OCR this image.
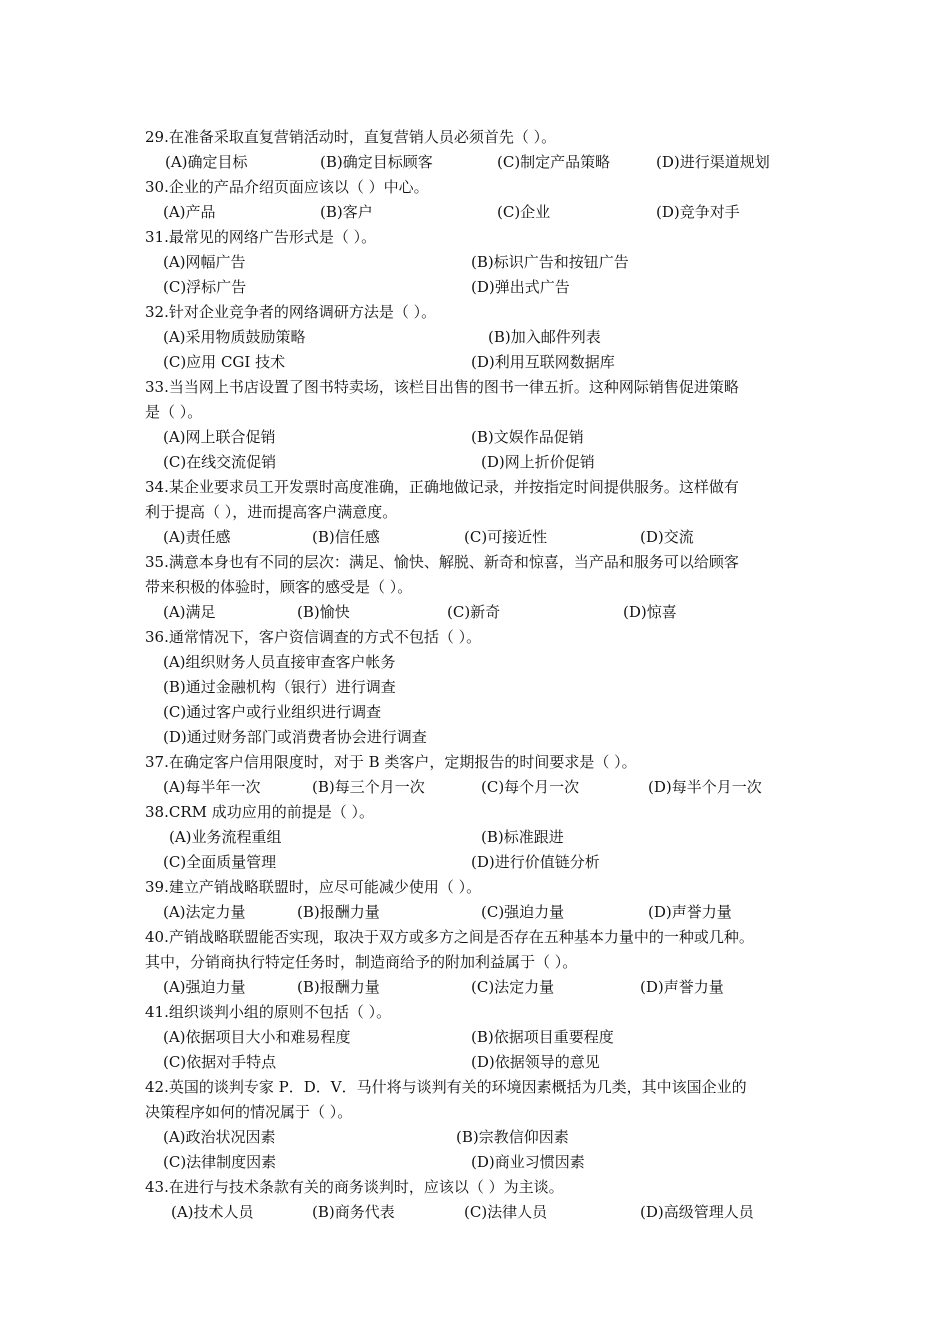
29.在准备采取直复营销活动时，直复营销人员必须首先（ ）。
(A)确定目标	(B)确定目标顾客	(C)制定产品策略	(D)进行渠道规划
30.企业的产品介绍页面应该以（ ）中心。
(A)产品	(B)客户	(C)企业	(D)竞争对手
31.最常见的网络广告形式是（ ）。
(A)网幅广告	(B)标识广告和按钮广告
(C)浮标广告	(D)弹出式广告
32.针对企业竞争者的网络调研方法是（ ）。
(A)采用物质鼓励策略	(B)加入邮件列表
(C)应用 CGI 技术	(D)利用互联网数据库
33.当当网上书店设置了图书特卖场，该栏目出售的图书一律五折。这种网际销售促进策略
是（ ）。
(A)网上联合促销	(B)文娱作品促销
(C)在线交流促销	(D)网上折价促销
34.某企业要求员工开发票时高度准确，正确地做记录，并按指定时间提供服务。这样做有
利于提高（ ），进而提高客户满意度。
(A)责任感	(B)信任感	(C)可接近性	(D)交流
35.满意本身也有不同的层次：满足、愉快、解脱、新奇和惊喜，当产品和服务可以给顾客
带来积极的体验时，顾客的感受是（ ）。
(A)满足	(B)愉快	(C)新奇	(D)惊喜
36.通常情况下，客户资信调查的方式不包括（ ）。
(A)组织财务人员直接审查客户帐务
(B)通过金融机构（银行）进行调查
(C)通过客户或行业组织进行调查
(D)通过财务部门或消费者协会进行调查
37.在确定客户信用限度时，对于 B 类客户，定期报告的时间要求是（ ）。
(A)每半年一次	(B)每三个月一次	(C)每个月一次	(D)每半个月一次
38.CRM 成功应用的前提是（ ）。
(A)业务流程重组	(B)标准跟进
(C)全面质量管理	(D)进行价值链分析
39.建立产销战略联盟时，应尽可能减少使用（ ）。
(A)法定力量	(B)报酬力量	(C)强迫力量	(D)声誉力量
40.产销战略联盟能否实现，取决于双方或多方之间是否存在五种基本力量中的一种或几种。
其中，分销商执行特定任务时，制造商给予的附加利益属于（ ）。
(A)强迫力量	(B)报酬力量	(C)法定力量	(D)声誉力量
41.组织谈判小组的原则不包括（ ）。
(A)依据项目大小和难易程度	(B)依据项目重要程度
(C)依据对手特点	(D)依据领导的意见
42.英国的谈判专家 P．D．V．马什将与谈判有关的环境因素概括为几类，其中该国企业的
决策程序如何的情况属于（ ）。
(A)政治状况因素	(B)宗教信仰因素
(C)法律制度因素	(D)商业习惯因素
43.在进行与技术条款有关的商务谈判时，应该以（ ）为主谈。
(A)技术人员	(B)商务代表	(C)法律人员	(D)高级管理人员
